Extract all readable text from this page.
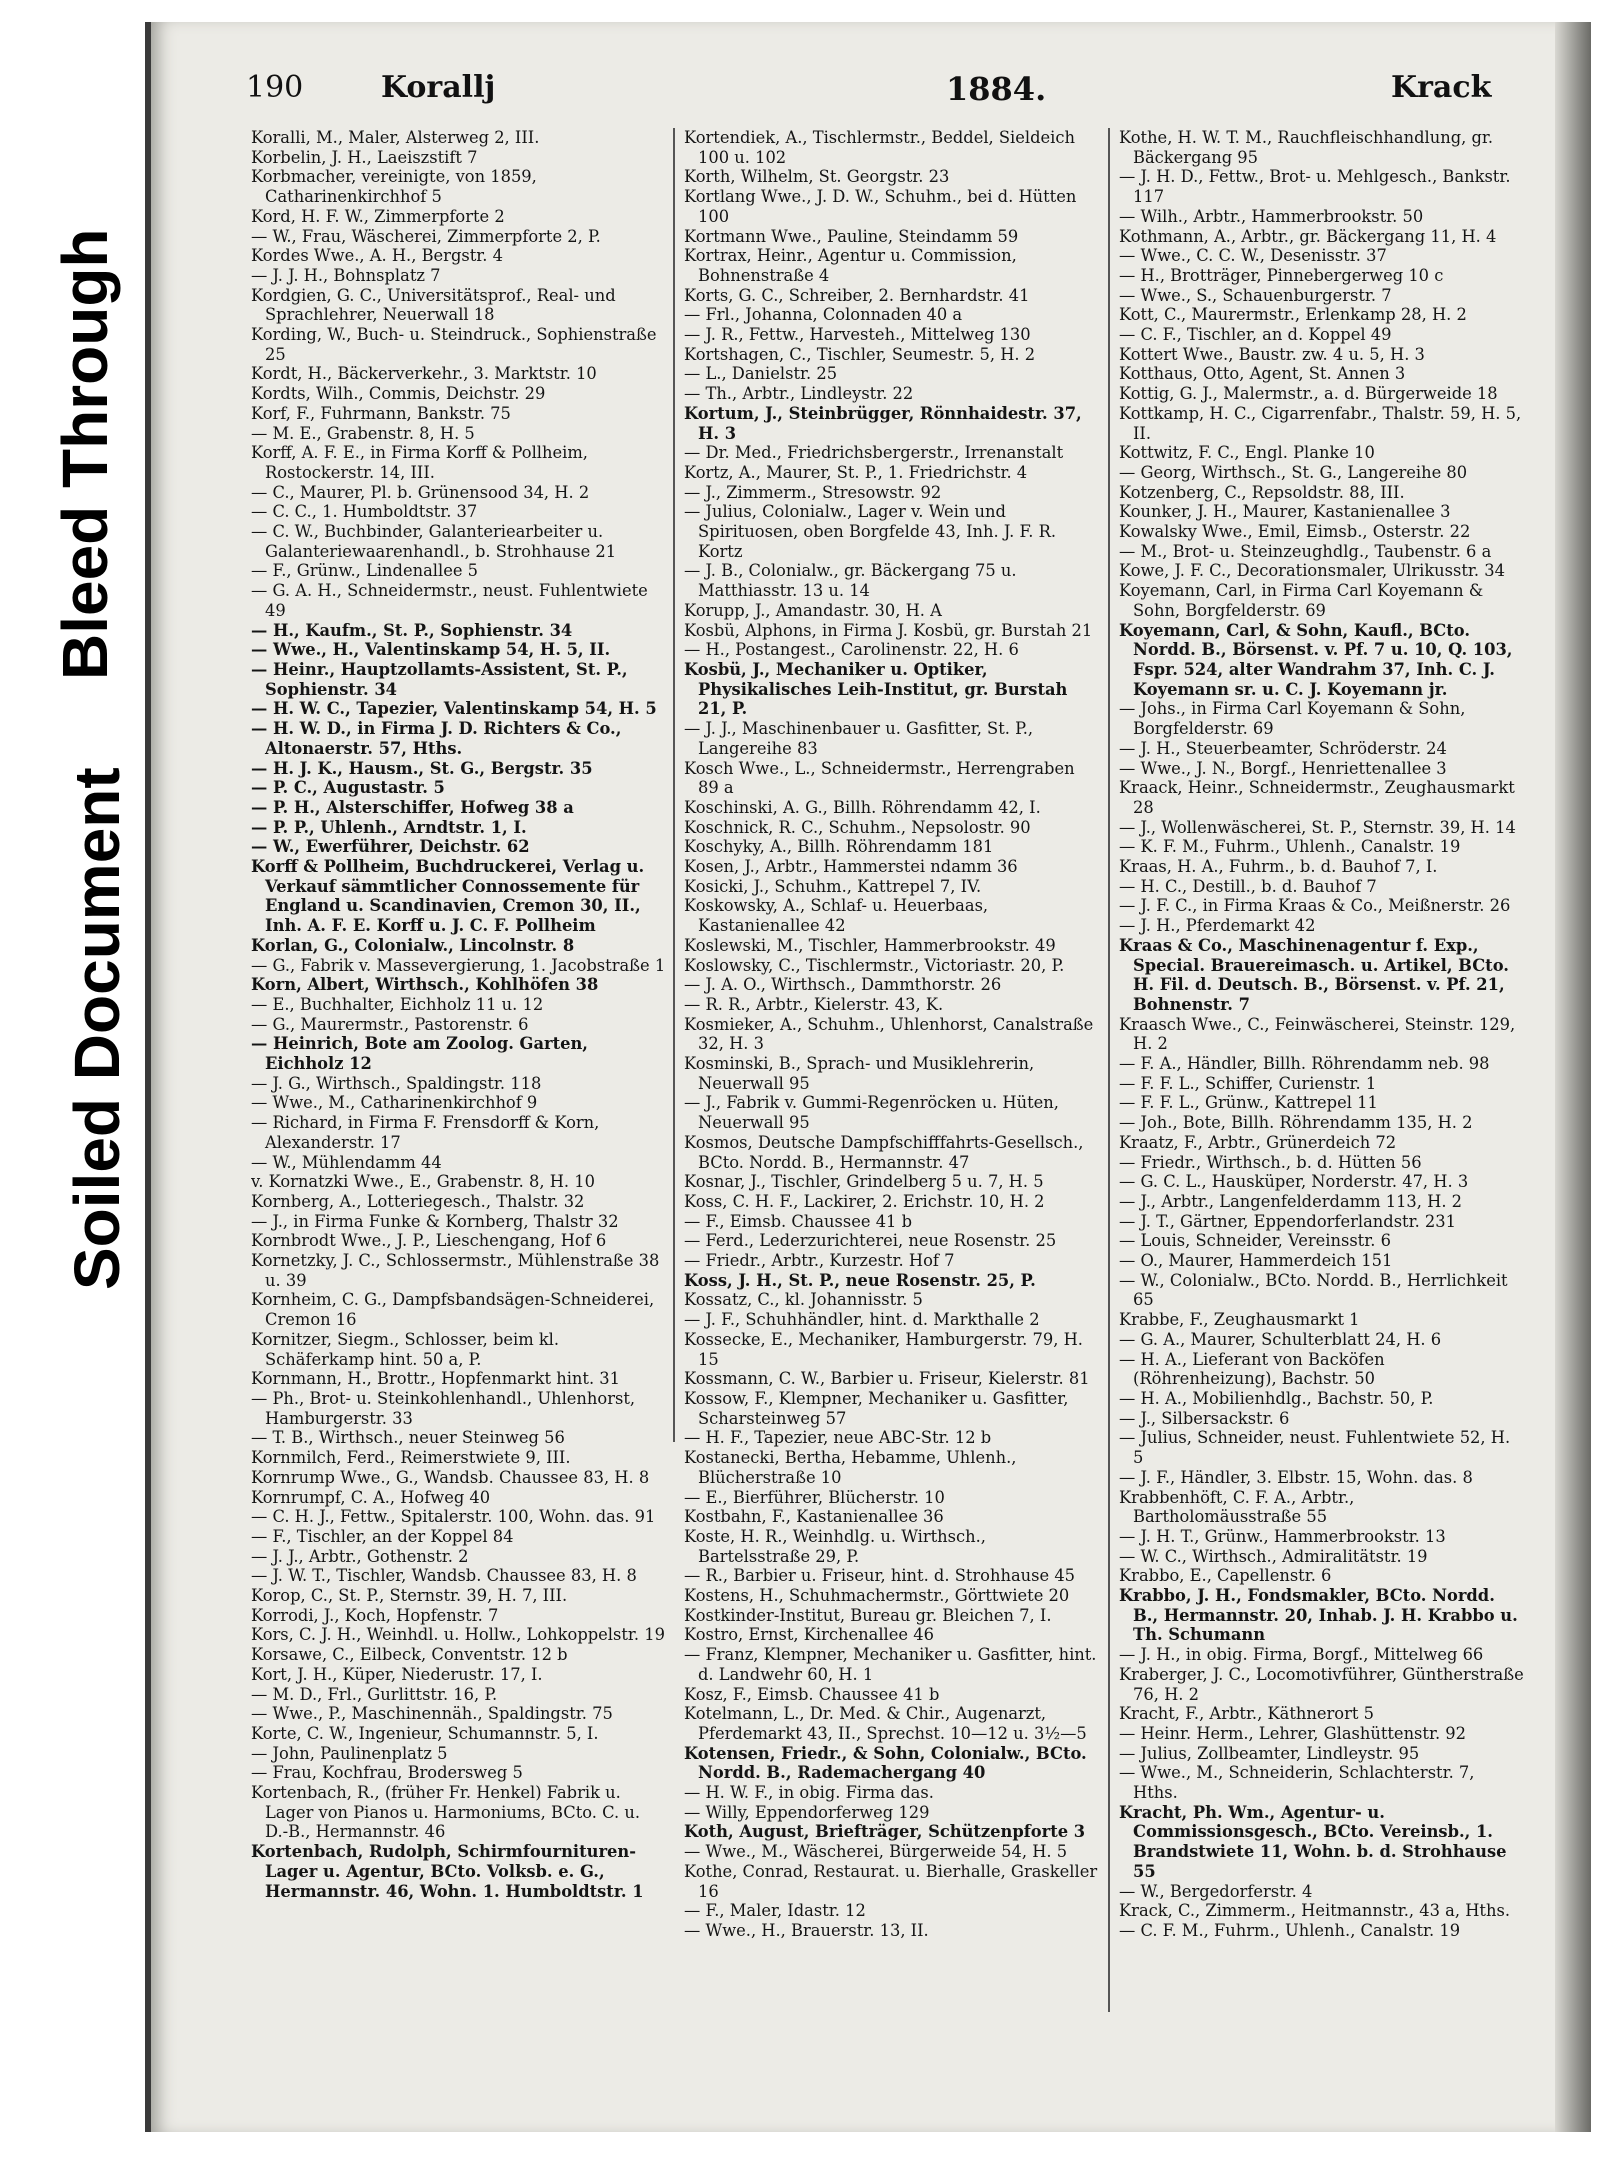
Soiled Document
Bleed Through
190	Korallj	1884.	Krack
Koralli, M., Maler, Alsterweg 2, III.
Korbelin, J. H., Laeiszstift 7
Korbmacher, vereinigte, von 1859, Catharinenkirchhof 5
Kord, H. F. W., Zimmerpforte 2
— W., Frau, Wäscherei, Zimmerpforte 2, P.
Kordes Wwe., A. H., Bergstr. 4
— J. J. H., Bohnsplatz 7
Kordgien, G. C., Universitätsprof., Real- und Sprachlehrer, Neuerwall 18
Kording, W., Buch- u. Steindruck., Sophienstraße 25
Kordt, H., Bäckerverkehr., 3. Marktstr. 10
Kordts, Wilh., Commis, Deichstr. 29
Korf, F., Fuhrmann, Bankstr. 75
— M. E., Grabenstr. 8, H. 5
Korff, A. F. E., in Firma Korff & Pollheim, Rostockerstr. 14, III.
— C., Maurer, Pl. b. Grünensood 34, H. 2
— C. C., 1. Humboldtstr. 37
— C. W., Buchbinder, Galanteriearbeiter u. Galanteriewaarenhandl., b. Strohhause 21
— F., Grünw., Lindenallee 5
— G. A. H., Schneidermstr., neust. Fuhlentwiete 49
— H., Kaufm., St. P., Sophienstr. 34
— Wwe., H., Valentinskamp 54, H. 5, II.
— Heinr., Hauptzollamts-Assistent, St. P., Sophienstr. 34
— H. W. C., Tapezier, Valentinskamp 54, H. 5
— H. W. D., in Firma J. D. Richters & Co., Altonaerstr. 57, Hths.
— H. J. K., Hausm., St. G., Bergstr. 35
— P. C., Augustastr. 5
— P. H., Alsterschiffer, Hofweg 38 a
— P. P., Uhlenh., Arndtstr. 1, I.
— W., Ewerführer, Deichstr. 62
Korff & Pollheim, Buchdruckerei, Verlag u. Verkauf sämmtlicher Connossemente für England u. Scandinavien, Cremon 30, II., Inh. A. F. E. Korff u. J. C. F. Pollheim
Korlan, G., Colonialw., Lincolnstr. 8
— G., Fabrik v. Massevergierung, 1. Jacobstraße 1
Korn, Albert, Wirthsch., Kohlhöfen 38
— E., Buchhalter, Eichholz 11 u. 12
— G., Maurermstr., Pastorenstr. 6
— Heinrich, Bote am Zoolog. Garten, Eichholz 12
— J. G., Wirthsch., Spaldingstr. 118
— Wwe., M., Catharinenkirchhof 9
— Richard, in Firma F. Frensdorff & Korn, Alexanderstr. 17
— W., Mühlendamm 44
v. Kornatzki Wwe., E., Grabenstr. 8, H. 10
Kornberg, A., Lotteriegesch., Thalstr. 32
— J., in Firma Funke & Kornberg, Thalstr 32
Kornbrodt Wwe., J. P., Lieschengang, Hof 6
Kornetzky, J. C., Schlossermstr., Mühlenstraße 38 u. 39
Kornheim, C. G., Dampfsbandsägen-Schneiderei, Cremon 16
Kornitzer, Siegm., Schlosser, beim kl. Schäferkamp hint. 50 a, P.
Kornmann, H., Brottr., Hopfenmarkt hint. 31
— Ph., Brot- u. Steinkohlenhandl., Uhlenhorst, Hamburgerstr. 33
— T. B., Wirthsch., neuer Steinweg 56
Kornmilch, Ferd., Reimerstwiete 9, III.
Kornrump Wwe., G., Wandsb. Chaussee 83, H. 8
Kornrumpf, C. A., Hofweg 40
— C. H. J., Fettw., Spitalerstr. 100, Wohn. das. 91
— F., Tischler, an der Koppel 84
— J. J., Arbtr., Gothenstr. 2
— J. W. T., Tischler, Wandsb. Chaussee 83, H. 8
Korop, C., St. P., Sternstr. 39, H. 7, III.
Korrodi, J., Koch, Hopfenstr. 7
Kors, C. J. H., Weinhdl. u. Hollw., Lohkoppelstr. 19
Korsawe, C., Eilbeck, Conventstr. 12 b
Kort, J. H., Küper, Niederustr. 17, I.
— M. D., Frl., Gurlittstr. 16, P.
— Wwe., P., Maschinennäh., Spaldingstr. 75
Korte, C. W., Ingenieur, Schumannstr. 5, I.
— John, Paulinenplatz 5
— Frau, Kochfrau, Brodersweg 5
Kortenbach, R., (früher Fr. Henkel) Fabrik u. Lager von Pianos u. Harmoniums, BCto. C. u. D.-B., Hermannstr. 46
Kortenbach, Rudolph, Schirmfournituren-Lager u. Agentur, BCto. Volksb. e. G., Hermannstr. 46, Wohn. 1. Humboldtstr. 1
Kortendiek, A., Tischlermstr., Beddel, Sieldeich 100 u. 102
Korth, Wilhelm, St. Georgstr. 23
Kortlang Wwe., J. D. W., Schuhm., bei d. Hütten 100
Kortmann Wwe., Pauline, Steindamm 59
Kortrax, Heinr., Agentur u. Commission, Bohnenstraße 4
Korts, G. C., Schreiber, 2. Bernhardstr. 41
— Frl., Johanna, Colonnaden 40 a
— J. R., Fettw., Harvesteh., Mittelweg 130
Kortshagen, C., Tischler, Seumestr. 5, H. 2
— L., Danielstr. 25
— Th., Arbtr., Lindleystr. 22
Kortum, J., Steinbrügger, Rönnhaidestr. 37, H. 3
— Dr. Med., Friedrichsbergerstr., Irrenanstalt
Kortz, A., Maurer, St. P., 1. Friedrichstr. 4
— J., Zimmerm., Stresowstr. 92
— Julius, Colonialw., Lager v. Wein und Spirituosen, oben Borgfelde 43, Inh. J. F. R. Kortz
— J. B., Colonialw., gr. Bäckergang 75 u. Matthiasstr. 13 u. 14
Korupp, J., Amandastr. 30, H. A
Kosbü, Alphons, in Firma J. Kosbü, gr. Burstah 21
— H., Postangest., Carolinenstr. 22, H. 6
Kosbü, J., Mechaniker u. Optiker, Physikalisches Leih-Institut, gr. Burstah 21, P.
— J. J., Maschinenbauer u. Gasfitter, St. P., Langereihe 83
Kosch Wwe., L., Schneidermstr., Herrengraben 89 a
Koschinski, A. G., Billh. Röhrendamm 42, I.
Koschnick, R. C., Schuhm., Nepsolostr. 90
Koschyky, A., Billh. Röhrendamm 181
Kosen, J., Arbtr., Hammerstei ndamm 36
Kosicki, J., Schuhm., Kattrepel 7, IV.
Koskowsky, A., Schlaf- u. Heuerbaas, Kastanienallee 42
Koslewski, M., Tischler, Hammerbrookstr. 49
Koslowsky, C., Tischlermstr., Victoriastr. 20, P.
— J. A. O., Wirthsch., Dammthorstr. 26
— R. R., Arbtr., Kielerstr. 43, K.
Kosmieker, A., Schuhm., Uhlenhorst, Canalstraße 32, H. 3
Kosminski, B., Sprach- und Musiklehrerin, Neuerwall 95
— J., Fabrik v. Gummi-Regenröcken u. Hüten, Neuerwall 95
Kosmos, Deutsche Dampfschifffahrts-Gesellsch., BCto. Nordd. B., Hermannstr. 47
Kosnar, J., Tischler, Grindelberg 5 u. 7, H. 5
Koss, C. H. F., Lackirer, 2. Erichstr. 10, H. 2
— F., Eimsb. Chaussee 41 b
— Ferd., Lederzurichterei, neue Rosenstr. 25
— Friedr., Arbtr., Kurzestr. Hof 7
Koss, J. H., St. P., neue Rosenstr. 25, P.
Kossatz, C., kl. Johannisstr. 5
— J. F., Schuhhändler, hint. d. Markthalle 2
Kossecke, E., Mechaniker, Hamburgerstr. 79, H. 15
Kossmann, C. W., Barbier u. Friseur, Kielerstr. 81
Kossow, F., Klempner, Mechaniker u. Gasfitter, Scharsteinweg 57
— H. F., Tapezier, neue ABC-Str. 12 b
Kostanecki, Bertha, Hebamme, Uhlenh., Blücherstraße 10
— E., Bierführer, Blücherstr. 10
Kostbahn, F., Kastanienallee 36
Koste, H. R., Weinhdlg. u. Wirthsch., Bartelsstraße 29, P.
— R., Barbier u. Friseur, hint. d. Strohhause 45
Kostens, H., Schuhmachermstr., Görttwiete 20
Kostkinder-Institut, Bureau gr. Bleichen 7, I.
Kostro, Ernst, Kirchenallee 46
— Franz, Klempner, Mechaniker u. Gasfitter, hint. d. Landwehr 60, H. 1
Kosz, F., Eimsb. Chaussee 41 b
Kotelmann, L., Dr. Med. & Chir., Augenarzt, Pferdemarkt 43, II., Sprechst. 10—12 u. 3½—5
Kotensen, Friedr., & Sohn, Colonialw., BCto. Nordd. B., Rademachergang 40
— H. W. F., in obig. Firma das.
— Willy, Eppendorferweg 129
Koth, August, Briefträger, Schützenpforte 3
— Wwe., M., Wäscherei, Bürgerweide 54, H. 5
Kothe, Conrad, Restaurat. u. Bierhalle, Graskeller 16
— F., Maler, Idastr. 12
— Wwe., H., Brauerstr. 13, II.
Kothe, H. W. T. M., Rauchfleischhandlung, gr. Bäckergang 95
— J. H. D., Fettw., Brot- u. Mehlgesch., Bankstr. 117
— Wilh., Arbtr., Hammerbrookstr. 50
Kothmann, A., Arbtr., gr. Bäckergang 11, H. 4
— Wwe., C. C. W., Desenisstr. 37
— H., Brotträger, Pinnebergerweg 10 c
— Wwe., S., Schauenburgerstr. 7
Kott, C., Maurermstr., Erlenkamp 28, H. 2
— C. F., Tischler, an d. Koppel 49
Kottert Wwe., Baustr. zw. 4 u. 5, H. 3
Kotthaus, Otto, Agent, St. Annen 3
Kottig, G. J., Malermstr., a. d. Bürgerweide 18
Kottkamp, H. C., Cigarrenfabr., Thalstr. 59, H. 5, II.
Kottwitz, F. C., Engl. Planke 10
— Georg, Wirthsch., St. G., Langereihe 80
Kotzenberg, C., Repsoldstr. 88, III.
Kounker, J. H., Maurer, Kastanienallee 3
Kowalsky Wwe., Emil, Eimsb., Osterstr. 22
— M., Brot- u. Steinzeughdlg., Taubenstr. 6 a
Kowe, J. F. C., Decorationsmaler, Ulrikusstr. 34
Koyemann, Carl, in Firma Carl Koyemann & Sohn, Borgfelderstr. 69
Koyemann, Carl, & Sohn, Kaufl., BCto. Nordd. B., Börsenst. v. Pf. 7 u. 10, Q. 103, Fspr. 524, alter Wandrahm 37, Inh. C. J. Koyemann sr. u. C. J. Koyemann jr.
— Johs., in Firma Carl Koyemann & Sohn, Borgfelderstr. 69
— J. H., Steuerbeamter, Schröderstr. 24
— Wwe., J. N., Borgf., Henriettenallee 3
Kraack, Heinr., Schneidermstr., Zeughausmarkt 28
— J., Wollenwäscherei, St. P., Sternstr. 39, H. 14
— K. F. M., Fuhrm., Uhlenh., Canalstr. 19
Kraas, H. A., Fuhrm., b. d. Bauhof 7, I.
— H. C., Destill., b. d. Bauhof 7
— J. F. C., in Firma Kraas & Co., Meißnerstr. 26
— J. H., Pferdemarkt 42
Kraas & Co., Maschinenagentur f. Exp., Special. Brauereimasch. u. Artikel, BCto. H. Fil. d. Deutsch. B., Börsenst. v. Pf. 21, Bohnenstr. 7
Kraasch Wwe., C., Feinwäscherei, Steinstr. 129, H. 2
— F. A., Händler, Billh. Röhrendamm neb. 98
— F. F. L., Schiffer, Curienstr. 1
— F. F. L., Grünw., Kattrepel 11
— Joh., Bote, Billh. Röhrendamm 135, H. 2
Kraatz, F., Arbtr., Grünerdeich 72
— Friedr., Wirthsch., b. d. Hütten 56
— G. C. L., Hausküper, Norderstr. 47, H. 3
— J., Arbtr., Langenfelderdamm 113, H. 2
— J. T., Gärtner, Eppendorferlandstr. 231
— Louis, Schneider, Vereinsstr. 6
— O., Maurer, Hammerdeich 151
— W., Colonialw., BCto. Nordd. B., Herrlichkeit 65
Krabbe, F., Zeughausmarkt 1
— G. A., Maurer, Schulterblatt 24, H. 6
— H. A., Lieferant von Backöfen (Röhrenheizung), Bachstr. 50
— H. A., Mobilienhdlg., Bachstr. 50, P.
— J., Silbersackstr. 6
— Julius, Schneider, neust. Fuhlentwiete 52, H. 5
— J. F., Händler, 3. Elbstr. 15, Wohn. das. 8
Krabbenhöft, C. F. A., Arbtr., Bartholomäusstraße 55
— J. H. T., Grünw., Hammerbrookstr. 13
— W. C., Wirthsch., Admiralitätstr. 19
Krabbo, E., Capellenstr. 6
Krabbo, J. H., Fondsmakler, BCto. Nordd. B., Hermannstr. 20, Inhab. J. H. Krabbo u. Th. Schumann
— J. H., in obig. Firma, Borgf., Mittelweg 66
Kraberger, J. C., Locomotivführer, Güntherstraße 76, H. 2
Kracht, F., Arbtr., Käthnerort 5
— Heinr. Herm., Lehrer, Glashüttenstr. 92
— Julius, Zollbeamter, Lindleystr. 95
— Wwe., M., Schneiderin, Schlachterstr. 7, Hths.
Kracht, Ph. Wm., Agentur- u. Commissionsgesch., BCto. Vereinsb., 1. Brandstwiete 11, Wohn. b. d. Strohhause 55
— W., Bergedorferstr. 4
Krack, C., Zimmerm., Heitmannstr., 43 a, Hths.
— C. F. M., Fuhrm., Uhlenh., Canalstr. 19
